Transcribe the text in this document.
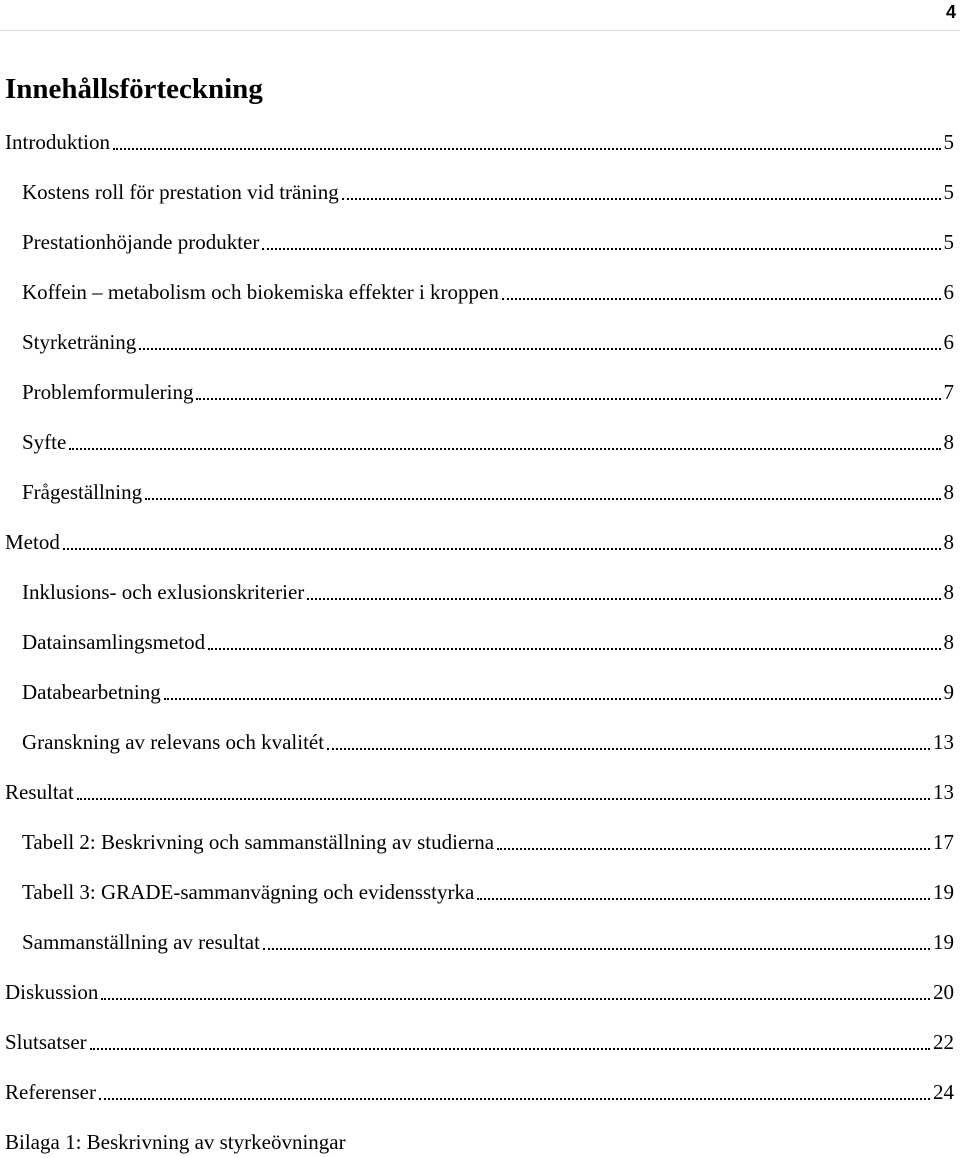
4
Innehållsförteckning
Introduktion	5
Kostens roll för prestation vid träning	5
Prestationhöjande produkter	5
Koffein – metabolism och biokemiska effekter i kroppen	6
Styrketräning	6
Problemformulering	7
Syfte	8
Frågeställning	8
Metod	8
Inklusions- och exlusionskriterier	8
Datainsamlingsmetod	8
Databearbetning	9
Granskning av relevans och kvalitét	13
Resultat	13
Tabell 2: Beskrivning och sammanställning av studierna	17
Tabell 3: GRADE-sammanvägning och evidensstyrka	19
Sammanställning av resultat	19
Diskussion	20
Slutsatser	22
Referenser	24
Bilaga 1: Beskrivning av styrkeövningar
